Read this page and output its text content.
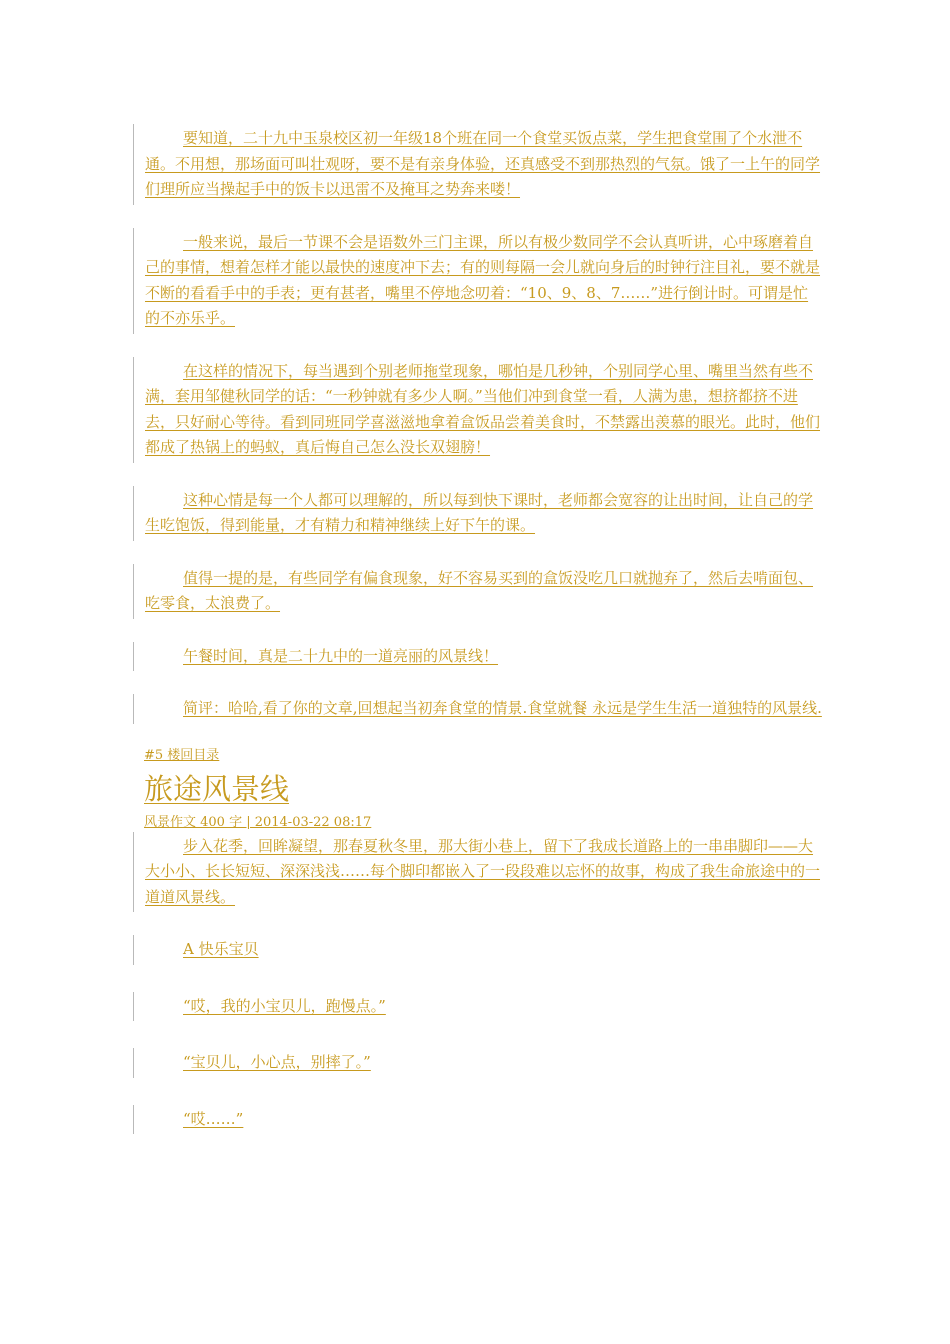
要知道，二十九中玉泉校区初一年级18个班在同一个食堂买饭点菜，学生把食堂围了个水泄不通。不用想，那场面可叫壮观呀，要不是有亲身体验，还真感受不到那热烈的气氛。饿了一上午的同学们理所应当操起手中的饭卡以迅雷不及掩耳之势奔来喽！
一般来说，最后一节课不会是语数外三门主课，所以有极少数同学不会认真听讲，心中琢磨着自己的事情，想着怎样才能以最快的速度冲下去；有的则每隔一会儿就向身后的时钟行注目礼，要不就是不断的看看手中的手表；更有甚者，嘴里不停地念叨着：“10、9、8、7……”进行倒计时。可谓是忙的不亦乐乎。
在这样的情况下，每当遇到个别老师拖堂现象，哪怕是几秒钟，个别同学心里、嘴里当然有些不满，套用邹健秋同学的话：“一秒钟就有多少人啊。”当他们冲到食堂一看，人满为患，想挤都挤不进去，只好耐心等待。看到同班同学喜滋滋地拿着盒饭品尝着美食时，不禁露出羡慕的眼光。此时，他们都成了热锅上的蚂蚁，真后悔自己怎么没长双翅膀！
这种心情是每一个人都可以理解的，所以每到快下课时，老师都会宽容的让出时间，让自己的学生吃饱饭，得到能量，才有精力和精神继续上好下午的课。
值得一提的是，有些同学有偏食现象，好不容易买到的盒饭没吃几口就抛弃了，然后去啃面包、吃零食，太浪费了。
午餐时间，真是二十九中的一道亮丽的风景线！
简评：哈哈,看了你的文章,回想起当初奔食堂的情景.食堂就餐 永远是学生生活一道独特的风景线.
#5 楼回目录
旅途风景线
风景作文 400 字 | 2014-03-22 08:17
步入花季，回眸凝望，那春夏秋冬里，那大街小巷上，留下了我成长道路上的一串串脚印——大大小小、长长短短、深深浅浅……每个脚印都嵌入了一段段难以忘怀的故事，构成了我生命旅途中的一道道风景线。
A 快乐宝贝
“哎，我的小宝贝儿，跑慢点。”
“宝贝儿，小心点，别摔了。”
“哎……”
